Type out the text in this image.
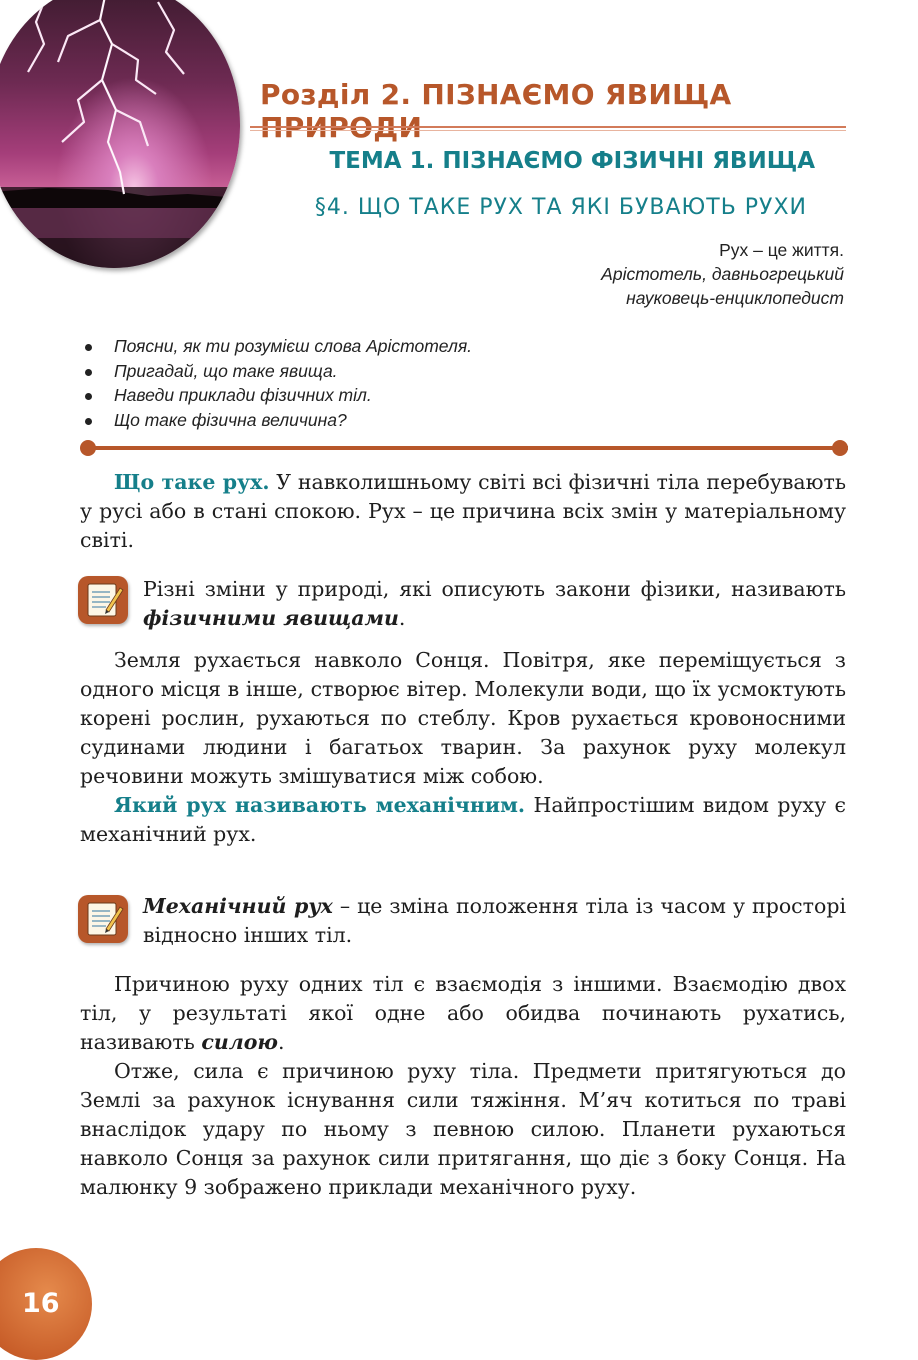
Розділ 2. ПІЗНАЄМО ЯВИЩА ПРИРОДИ
ТЕМА 1. ПІЗНАЄМО ФІЗИЧНІ ЯВИЩА
§4. ЩО ТАКЕ РУХ ТА ЯКІ БУВАЮТЬ РУХИ
Рух – це життя.
Арістотель, давньогрецький
науковець-енциклопедист
Поясни, як ти розумієш слова Арістотеля.
Пригадай, що таке явища.
Наведи приклади фізичних тіл.
Що таке фізична величина?

Що таке рух. У навколишньому світі всі фізичні тіла перебувають у русі або в стані спокою. Рух – це причина всіх змін у матеріальному світі.

Різні зміни у природі, які описують закони фізики, називають фізичними явищами.

Земля рухається навколо Сонця. Повітря, яке переміщується з одного місця в інше, створює вітер. Молекули води, що їх усмоктують корені рослин, рухаються по стеблу. Кров рухається кровоносними судинами людини і багатьох тварин. За рахунок руху молекул речовини можуть змішуватися між собою.

Який рух називають механічним. Найпростішим видом руху є механічний рух.

Механічний рух – це зміна положення тіла із часом у просторі відносно інших тіл.

Причиною руху одних тіл є взаємодія з іншими. Взаємодію двох тіл, у результаті якої одне або обидва починають рухатись, називають силою.

Отже, сила є причиною руху тіла. Предмети притягуються до Землі за рахунок існування сили тяжіння. М’яч котиться по траві внаслідок удару по ньому з певною силою. Планети рухаються навколо Сонця за рахунок сили притягання, що діє з боку Сонця. На малюнку 9 зображено приклади механічного руху.

16
